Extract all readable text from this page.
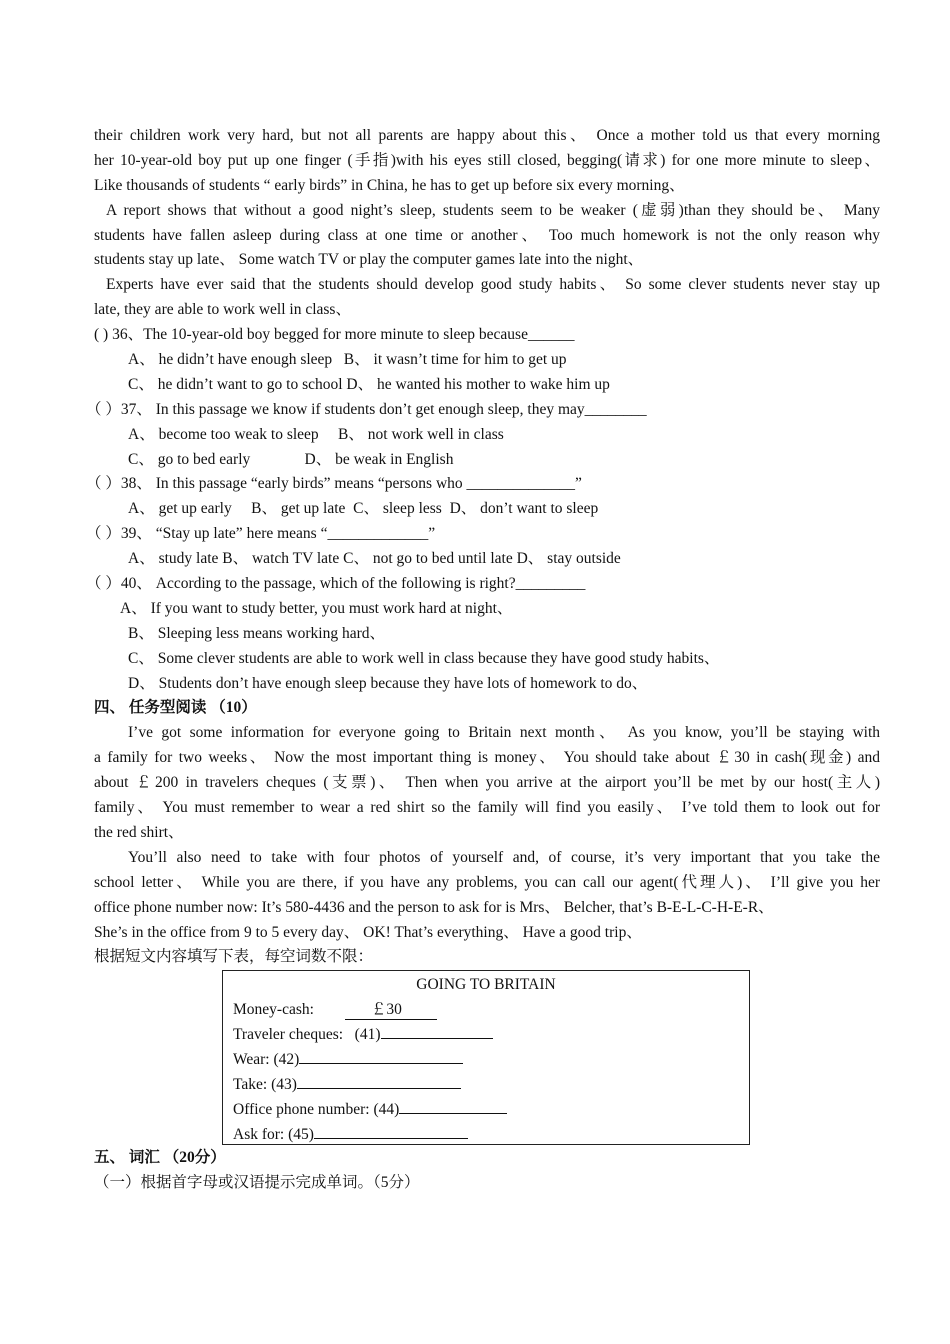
their children work very hard, but not all parents are happy about this、 Once a mother told us that every morning
her 10-year-old boy put up one finger (手指)with his eyes still closed, begging(请求) for one more minute to sleep、
Like thousands of students “ early birds” in China, he has to get up before six every morning、
A report shows that without a good night’s sleep, students seem to be weaker (虚弱)than they should be、 Many
students have fallen asleep during class at one time or another、 Too much homework is not the only reason why
students stay up late、 Some watch TV or play the computer games late into the night、
Experts have ever said that the students should develop good study habits、 So some clever students never stay up
late, they are able to work well in class、
( ) 36、The 10-year-old boy begged for more minute to sleep because______
A、 he didn’t have enough sleep   B、 it wasn’t time for him to get up
C、 he didn’t want to go to school D、 he wanted his mother to wake him up
（ ）37、 In this passage we know if students don’t get enough sleep, they may________
A、 become too weak to sleep     B、 not work well in class
C、 go to bed early              D、 be weak in English
（ ）38、 In this passage “early birds” means “persons who ______________”
A、 get up early     B、 get up late  C、 sleep less  D、 don’t want to sleep
（ ）39、 “Stay up late” here means “_____________”
A、 study late B、 watch TV late C、 not go to bed until late D、 stay outside
（ ）40、 According to the passage, which of the following is right?_________
A、 If you want to study better, you must work hard at night、
B、 Sleeping less means working hard、
C、 Some clever students are able to work well in class because they have good study habits、
D、 Students don’t have enough sleep because they have lots of homework to do、
四、 任务型阅读 （10）
I’ve got some information for everyone going to Britain next month、 As you know, you’ll be staying with
a family for two weeks、 Now the most important thing is money、 You should take about ￡30 in cash(现金) and
about ￡200 in travelers cheques (支票)、 Then when you arrive at the airport you’ll be met by our host(主人)
family、 You must remember to wear a red shirt so the family will find you easily、 I’ve told them to look out for
the red shirt、
You’ll also need to take with four photos of yourself and, of course, it’s very important that you take the
school letter、 While you are there, if you have any problems, you can call our agent(代理人)、 I’ll give you her
office phone number now: It’s 580-4436 and the person to ask for is Mrs、 Belcher, that’s B-E-L-C-H-E-R、
She’s in the office from 9 to 5 every day、 OK! That’s everything、 Have a good trip、
根据短文内容填写下表，每空词数不限：
GOING TO BRITAIN
Money-cash:	￡30
Traveler cheques:   (41)
Wear: (42)
Take: (43)
Office phone number: (44)
Ask for: (45)
五、 词汇 （20分）
（一）根据首字母或汉语提示完成单词。（5分）
